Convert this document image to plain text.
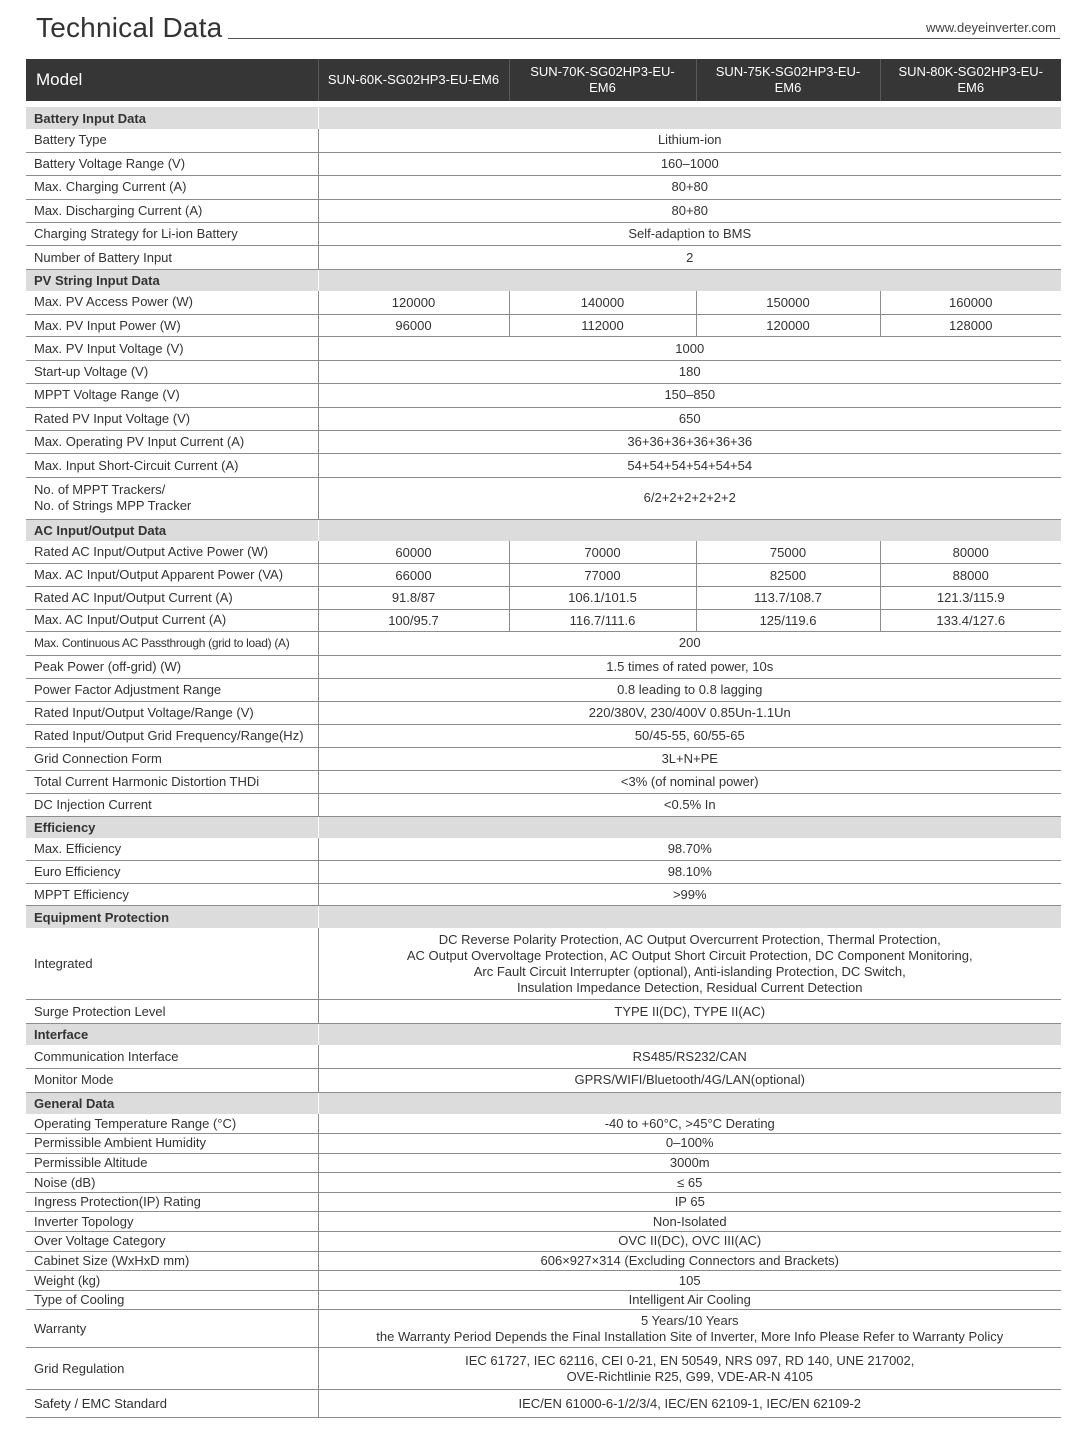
Technical Data	www.deyeinverter.com
Model	SUN-60K-SG02HP3-EU-EM6	SUN-70K-SG02HP3-EU-EM6	SUN-75K-SG02HP3-EU-EM6	SUN-80K-SG02HP3-EU-EM6

Battery Input Data				

Battery Type	Lithium-ion			

Battery Voltage Range (V)	160–1000			

Max. Charging Current (A)	80+80			

Max. Discharging Current (A)	80+80			

Charging Strategy for Li-ion Battery	Self-adaption to BMS			

Number of Battery Input	2			

PV String Input Data				

Max. PV Access Power (W)	120000	140000	150000	160000

Max. PV Input Power (W)	96000	112000	120000	128000

Max. PV Input Voltage (V)	1000			

Start-up Voltage (V)	180			

MPPT Voltage Range (V)	150–850			

Rated PV Input Voltage (V)	650			

Max. Operating PV Input Current (A)	36+36+36+36+36+36			

Max. Input Short-Circuit Current (A)	54+54+54+54+54+54			

No. of MPPT Trackers/
No. of Strings MPP Tracker	6/2+2+2+2+2+2			

AC Input/Output Data				

Rated AC Input/Output Active Power (W)	60000	70000	75000	80000

Max. AC Input/Output Apparent Power (VA)	66000	77000	82500	88000

Rated AC Input/Output Current (A)	91.8/87	106.1/101.5	113.7/108.7	121.3/115.9

Max. AC Input/Output Current (A)	100/95.7	116.7/111.6	125/119.6	133.4/127.6

Max. Continuous AC Passthrough (grid to load) (A)	200			

Peak Power (off-grid) (W)	1.5 times of rated power, 10s			

Power Factor Adjustment Range	0.8 leading to 0.8 lagging			

Rated Input/Output Voltage/Range (V)	220/380V, 230/400V 0.85Un-1.1Un			

Rated Input/Output Grid Frequency/Range(Hz)	50/45-55, 60/55-65			

Grid Connection Form	3L+N+PE			

Total Current Harmonic Distortion THDi	<3% (of nominal power)			

DC Injection Current	<0.5% In			

Efficiency				

Max. Efficiency	98.70%			

Euro Efficiency	98.10%			

MPPT Efficiency	>99%			

Equipment Protection				

Integrated	DC Reverse Polarity Protection, AC Output Overcurrent Protection, Thermal Protection,
AC Output Overvoltage Protection, AC Output Short Circuit Protection, DC Component Monitoring,
Arc Fault Circuit Interrupter (optional), Anti-islanding Protection, DC Switch,
Insulation Impedance Detection, Residual Current Detection			

Surge Protection Level	TYPE II(DC), TYPE II(AC)			

Interface				

Communication Interface	RS485/RS232/CAN			

Monitor Mode	GPRS/WIFI/Bluetooth/4G/LAN(optional)			

General Data				

Operating Temperature Range (°C)	-40 to +60°C, >45°C Derating			

Permissible Ambient Humidity	0–100%			

Permissible Altitude	3000m			

Noise (dB)	≤ 65			

Ingress Protection(IP) Rating	IP 65			

Inverter Topology	Non-Isolated			

Over Voltage Category	OVC II(DC), OVC III(AC)			

Cabinet Size (WxHxD mm)	606×927×314 (Excluding Connectors and Brackets)			

Weight (kg)	105			

Type of Cooling	Intelligent Air Cooling			

Warranty	5 Years/10 Years
the Warranty Period Depends the Final Installation Site of Inverter, More Info Please Refer to Warranty Policy			

Grid Regulation	IEC 61727, IEC 62116, CEI 0-21, EN 50549, NRS 097, RD 140, UNE 217002,
OVE-Richtlinie R25, G99, VDE-AR-N 4105			

Safety / EMC Standard	IEC/EN 61000-6-1/2/3/4, IEC/EN 62109-1, IEC/EN 62109-2			
